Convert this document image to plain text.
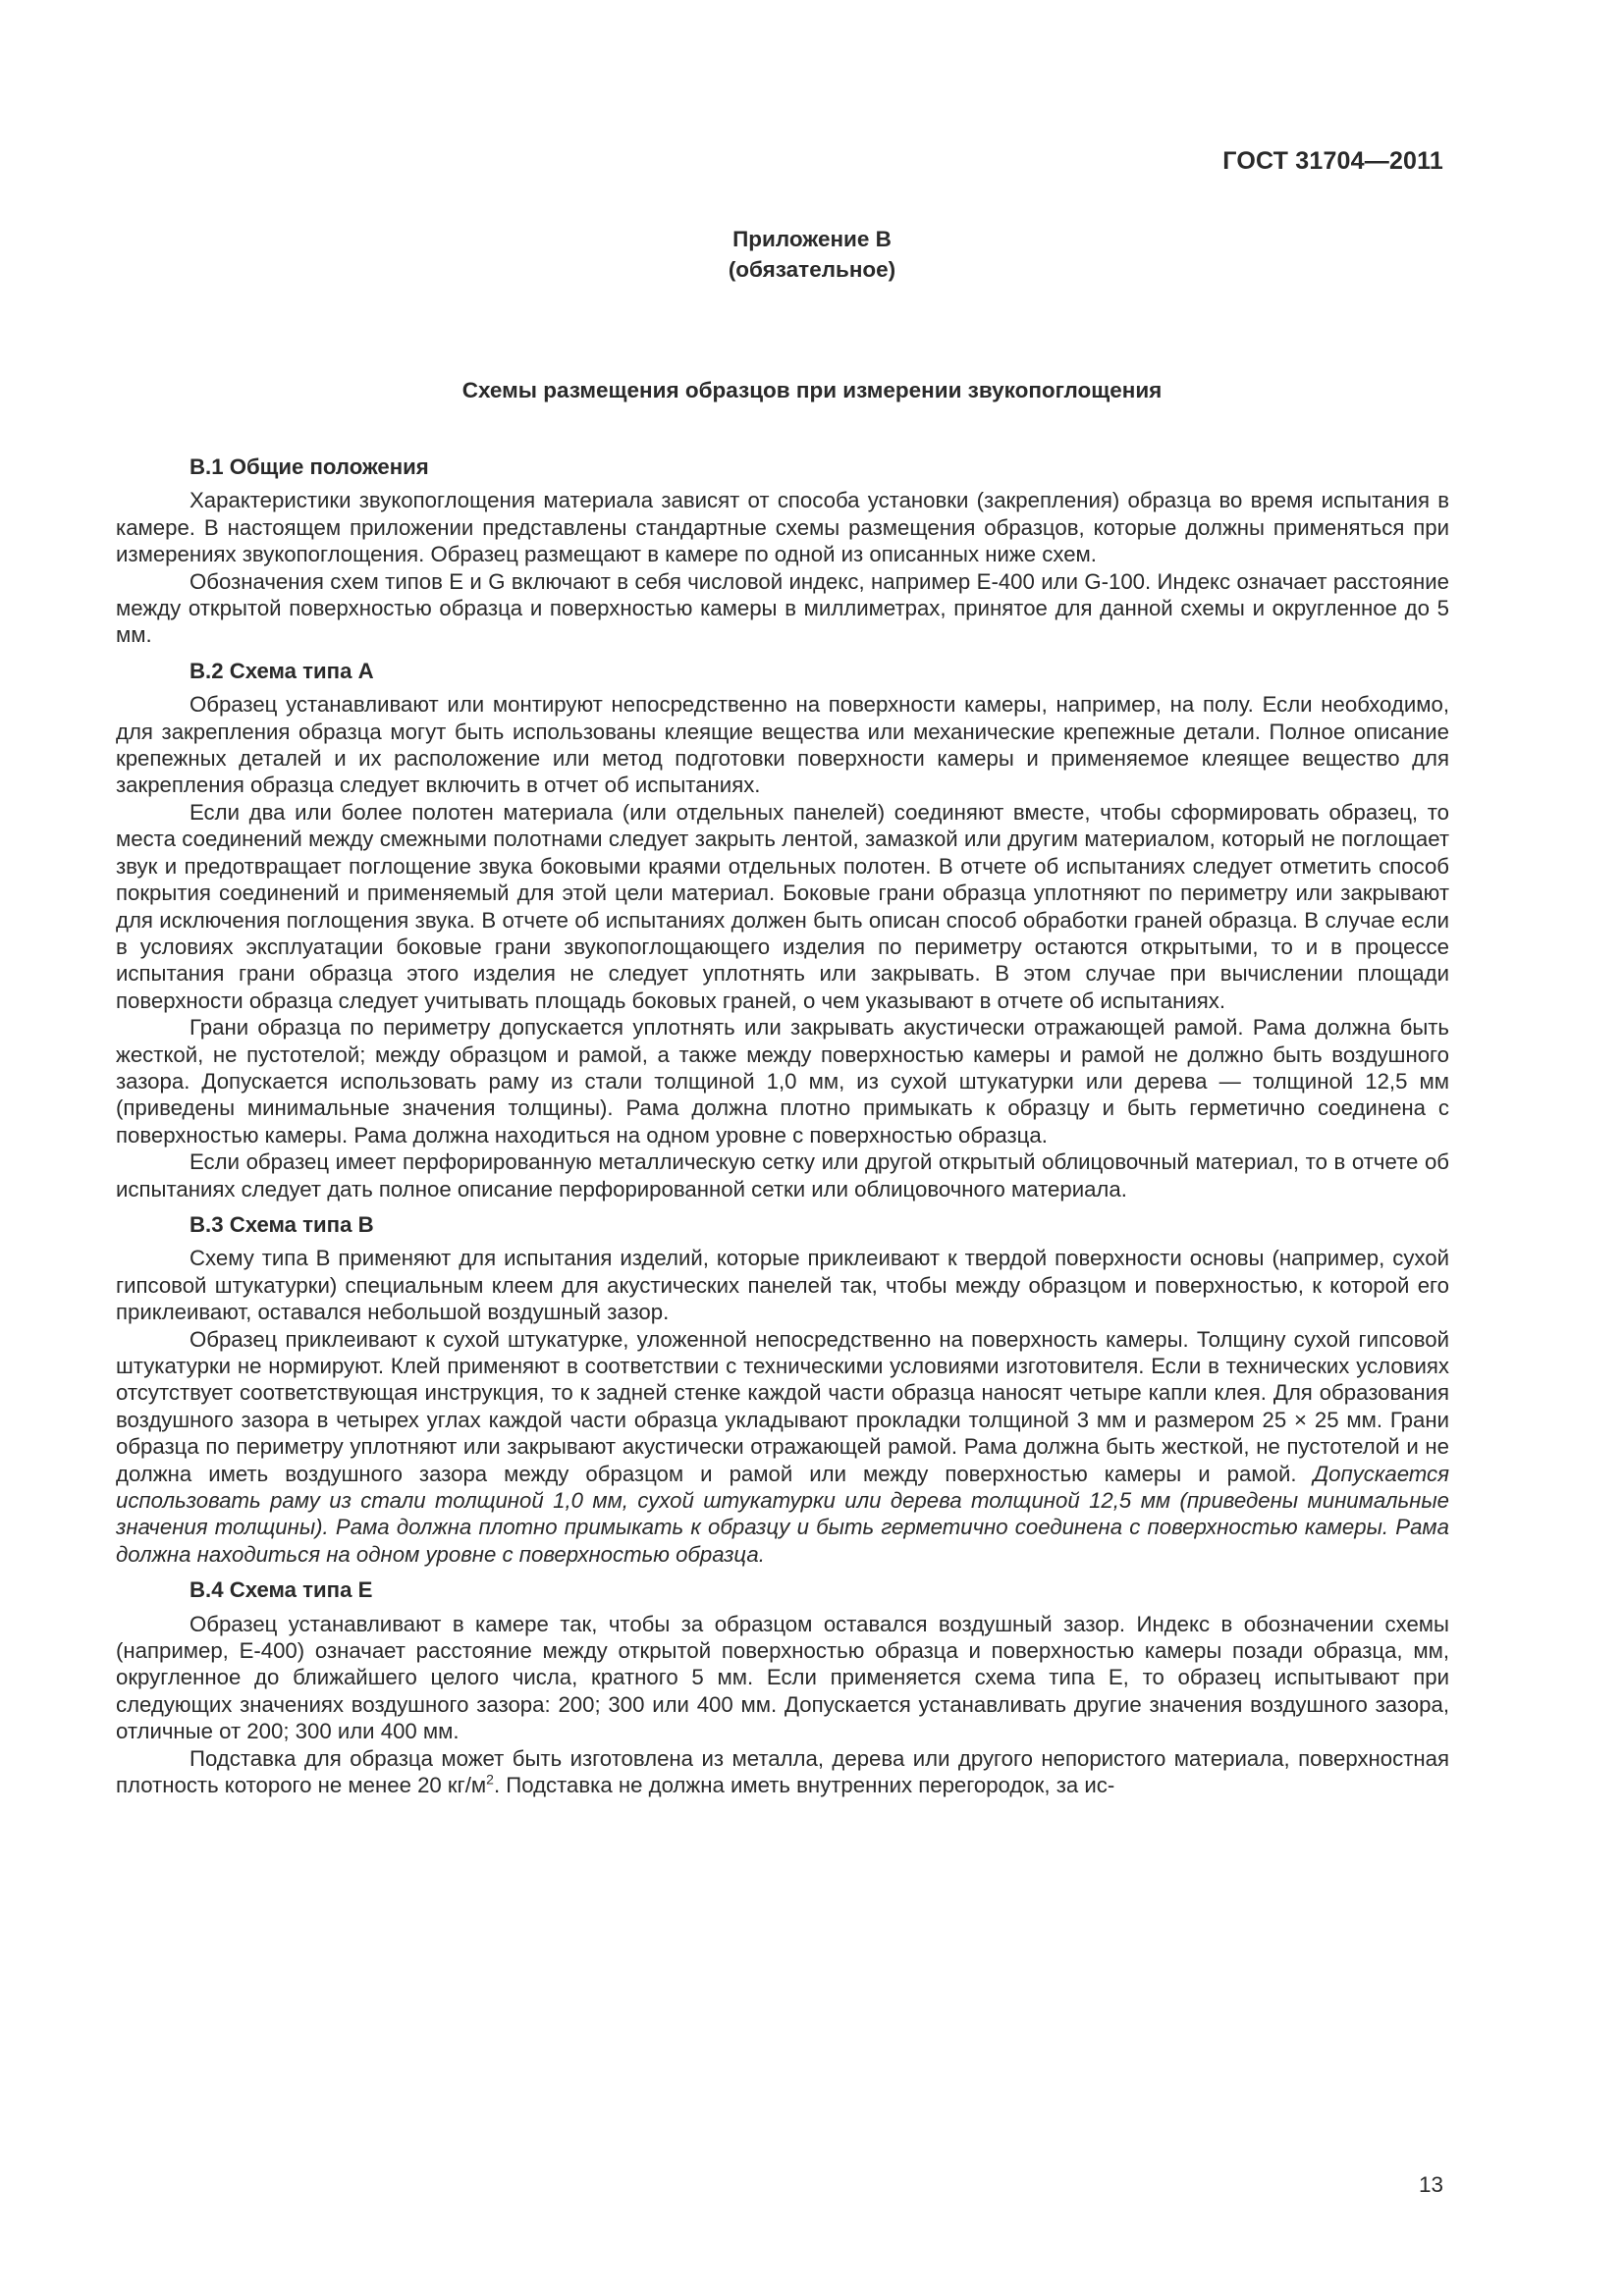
ГОСТ 31704—2011
Приложение В
(обязательное)
Схемы размещения образцов при измерении звукопоглощения
В.1 Общие положения

Характеристики звукопоглощения материала зависят от способа установки (закрепления) образца во время испытания в камере. В настоящем приложении представлены стандартные схемы размещения образцов, которые должны применяться при измерениях звукопоглощения. Образец размещают в камере по одной из описанных ниже схем.

Обозначения схем типов Е и G включают в себя числовой индекс, например Е-400 или G-100. Индекс означает расстояние между открытой поверхностью образца и поверхностью камеры в миллиметрах, принятое для данной схемы и округленное до 5 мм.

В.2 Схема типа А

Образец устанавливают или монтируют непосредственно на поверхности камеры, например, на полу. Если необходимо, для закрепления образца могут быть использованы клеящие вещества или механические крепежные детали. Полное описание крепежных деталей и их расположение или метод подготовки поверхности камеры и применяемое клеящее вещество для закрепления образца следует включить в отчет об испытаниях.

Если два или более полотен материала (или отдельных панелей) соединяют вместе, чтобы сформировать образец, то места соединений между смежными полотнами следует закрыть лентой, замазкой или другим материалом, который не поглощает звук и предотвращает поглощение звука боковыми краями отдельных полотен. В отчете об испытаниях следует отметить способ покрытия соединений и применяемый для этой цели материал. Боковые грани образца уплотняют по периметру или закрывают для исключения поглощения звука. В отчете об испытаниях должен быть описан способ обработки граней образца. В случае если в условиях эксплуатации боковые грани звукопоглощающего изделия по периметру остаются открытыми, то и в процессе испытания грани образца этого изделия не следует уплотнять или закрывать. В этом случае при вычислении площади поверхности образца следует учитывать площадь боковых граней, о чем указывают в отчете об испытаниях.

Грани образца по периметру допускается уплотнять или закрывать акустически отражающей рамой. Рама должна быть жесткой, не пустотелой; между образцом и рамой, а также между поверхностью камеры и рамой не должно быть воздушного зазора. Допускается использовать раму из стали толщиной 1,0 мм, из сухой штукатурки или дерева — толщиной 12,5 мм (приведены минимальные значения толщины). Рама должна плотно примыкать к образцу и быть герметично соединена с поверхностью камеры. Рама должна находиться на одном уровне с поверхностью образца.

Если образец имеет перфорированную металлическую сетку или другой открытый облицовочный материал, то в отчете об испытаниях следует дать полное описание перфорированной сетки или облицовочного материала.

В.3 Схема типа В

Схему типа В применяют для испытания изделий, которые приклеивают к твердой поверхности основы (например, сухой гипсовой штукатурки) специальным клеем для акустических панелей так, чтобы между образцом и поверхностью, к которой его приклеивают, оставался небольшой воздушный зазор.

Образец приклеивают к сухой штукатурке, уложенной непосредственно на поверхность камеры. Толщину сухой гипсовой штукатурки не нормируют. Клей применяют в соответствии с техническими условиями изготовителя. Если в технических условиях отсутствует соответствующая инструкция, то к задней стенке каждой части образца наносят четыре капли клея. Для образования воздушного зазора в четырех углах каждой части образца укладывают прокладки толщиной 3 мм и размером 25 × 25 мм. Грани образца по периметру уплотняют или закрывают акустически отражающей рамой. Рама должна быть жесткой, не пустотелой и не должна иметь воздушного зазора между образцом и рамой или между поверхностью камеры и рамой. Допускается использовать раму из стали толщиной 1,0 мм, сухой штукатурки или дерева толщиной 12,5 мм (приведены минимальные значения толщины). Рама должна плотно примыкать к образцу и быть герметично соединена с поверхностью камеры. Рама должна находиться на одном уровне с поверхностью образца.

В.4 Схема типа Е

Образец устанавливают в камере так, чтобы за образцом оставался воздушный зазор. Индекс в обозначении схемы (например, Е-400) означает расстояние между открытой поверхностью образца и поверхностью камеры позади образца, мм, округленное до ближайшего целого числа, кратного 5 мм. Если применяется схема типа Е, то образец испытывают при следующих значениях воздушного зазора: 200; 300 или 400 мм. Допускается устанавливать другие значения воздушного зазора, отличные от 200; 300 или 400 мм.

Подставка для образца может быть изготовлена из металла, дерева или другого непористого материала, поверхностная плотность которого не менее 20 $кг/м^2$. Подставка не должна иметь внутренних перегородок, за ис-

13
